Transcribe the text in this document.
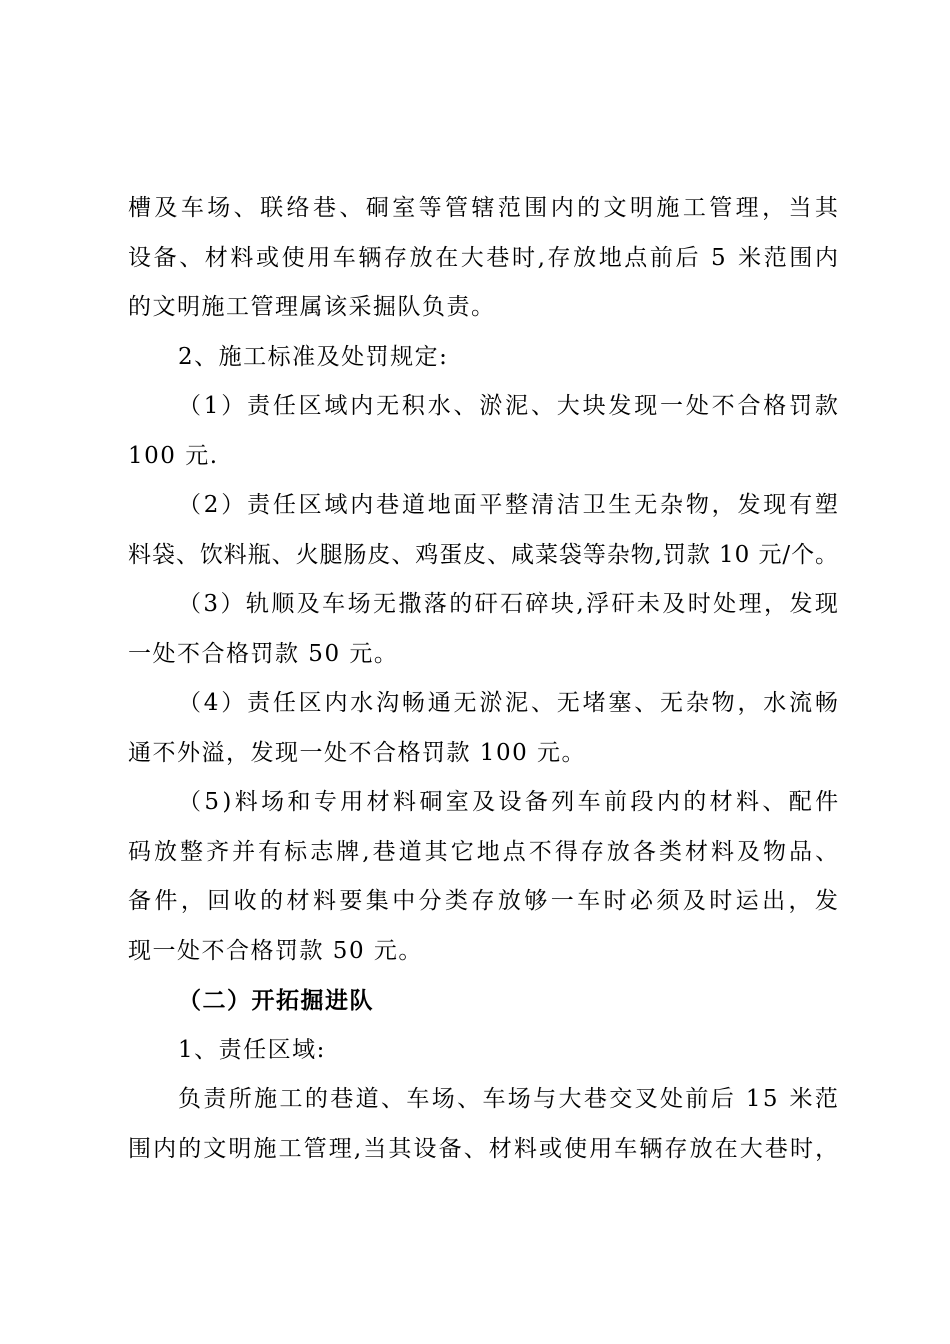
槽及车场、联络巷、硐室等管辖范围内的文明施工管理，当其
设备、材料或使用车辆存放在大巷时,存放地点前后 5 米范围内
的文明施工管理属该采掘队负责。
2、施工标准及处罚规定:
（1）责任区域内无积水、淤泥、大块发现一处不合格罚款
100 元.
（2）责任区域内巷道地面平整清洁卫生无杂物，发现有塑
料袋、饮料瓶、火腿肠皮、鸡蛋皮、咸菜袋等杂物,罚款 10 元/个。
（3）轨顺及车场无撒落的矸石碎块,浮矸未及时处理，发现
一处不合格罚款 50 元。
（4）责任区内水沟畅通无淤泥、无堵塞、无杂物，水流畅
通不外溢，发现一处不合格罚款 100 元。
（5)料场和专用材料硐室及设备列车前段内的材料、配件
码放整齐并有标志牌,巷道其它地点不得存放各类材料及物品、
备件，回收的材料要集中分类存放够一车时必须及时运出，发
现一处不合格罚款 50 元。
（二）开拓掘进队
1、责任区域:
负责所施工的巷道、车场、车场与大巷交叉处前后 15 米范
围内的文明施工管理,当其设备、材料或使用车辆存放在大巷时，
